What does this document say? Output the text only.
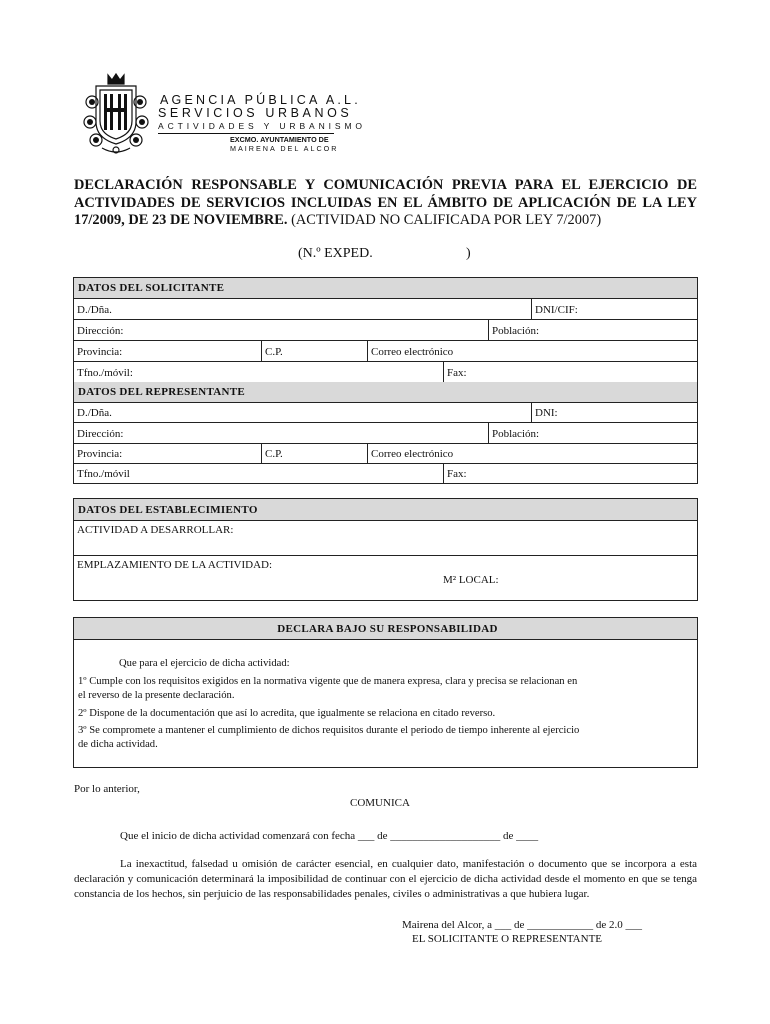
AGENCIA PÚBLICA A.L.
SERVICIOS URBANOS
ACTIVIDADES Y URBANISMO
EXCMO. AYUNTAMIENTO DE
MAIRENA DEL ALCOR
DECLARACIÓN RESPONSABLE Y COMUNICACIÓN PREVIA PARA EL EJERCICIO DE ACTIVIDADES DE SERVICIOS INCLUIDAS EN EL ÁMBITO DE APLICACIÓN DE LA LEY 17/2009, DE 23 DE NOVIEMBRE. (ACTIVIDAD NO CALIFICADA POR LEY 7/2007)
(N.º EXPED.	)
DATOS DEL SOLICITANTE
D./Dña.	DNI/CIF:
Dirección:	Población:
Provincia:	C.P.	Correo electrónico
Tfno./móvil:	Fax:
DATOS DEL REPRESENTANTE
D./Dña.	DNI:
Dirección:	Población:
Provincia:	C.P.	Correo electrónico
Tfno./móvil	Fax:
DATOS DEL ESTABLECIMIENTO
ACTIVIDAD A DESARROLLAR:
EMPLAZAMIENTO DE LA ACTIVIDAD:
M² LOCAL:
DECLARA BAJO SU RESPONSABILIDAD
Que para el ejercicio de dicha actividad:
1º Cumple con los requisitos exigidos en la normativa vigente que de manera expresa, clara y precisa se relacionan en
el reverso de la presente declaración.
2º Dispone de la documentación que así lo acredita, que igualmente se relaciona en citado reverso.
3º Se compromete a mantener el cumplimiento de dichos requisitos durante el periodo de tiempo inherente al ejercicio
de dicha actividad.
Por lo anterior,
COMUNICA
Que el inicio de dicha actividad comenzará con fecha ___ de ____________________ de ____
La inexactitud, falsedad u omisión de carácter esencial, en cualquier dato, manifestación o documento que se incorpora a esta declaración y comunicación determinará la imposibilidad de continuar con el ejercicio de dicha actividad desde el momento en que se tenga constancia de los hechos, sin perjuicio de las responsabilidades penales, civiles o administrativas a que hubiera lugar.
Mairena del Alcor, a ___ de ____________ de 2.0 ___
EL SOLICITANTE O REPRESENTANTE
